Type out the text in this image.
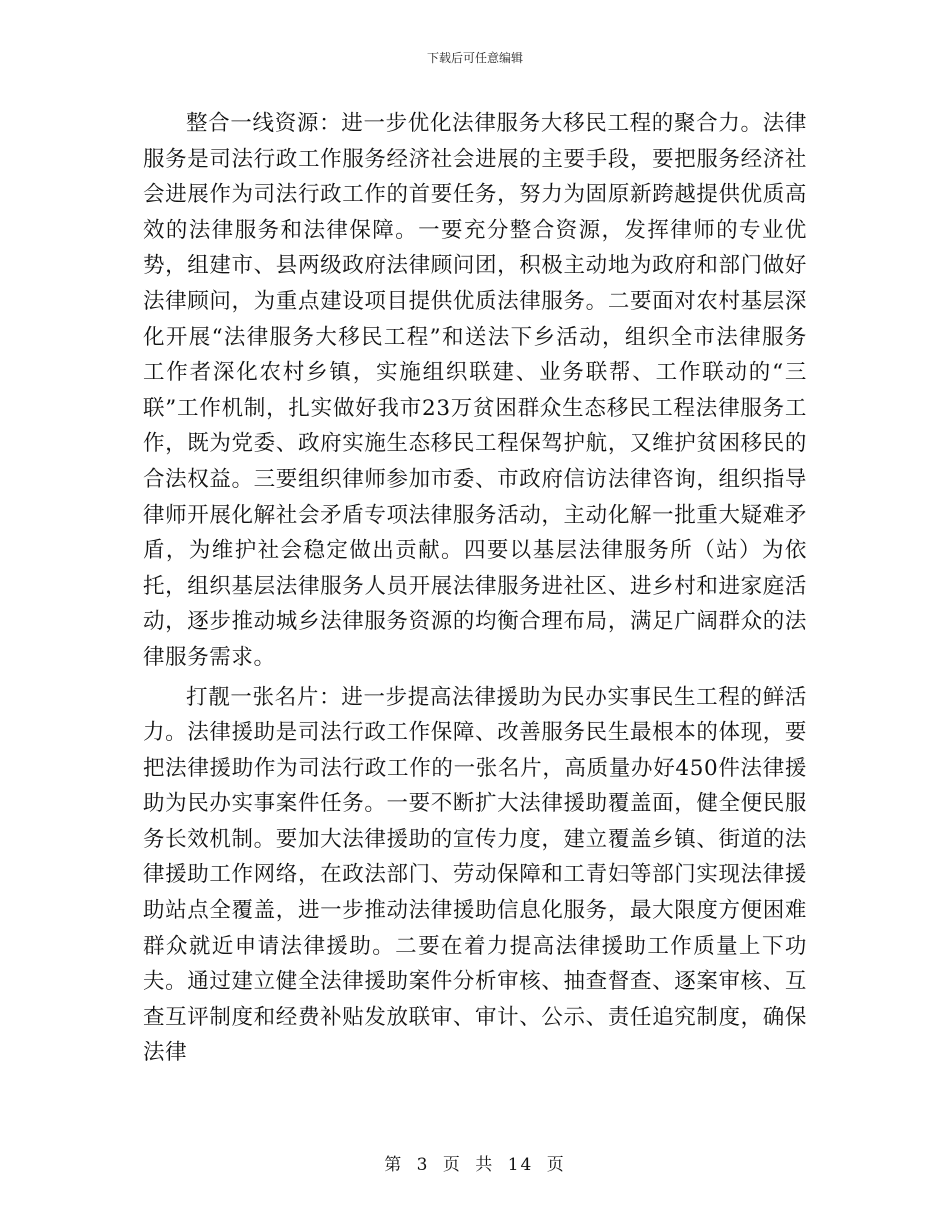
下载后可任意编辑

整合一线资源：进一步优化法律服务大移民工程的聚合力。法律服务是司法行政工作服务经济社会进展的主要手段，要把服务经济社会进展作为司法行政工作的首要任务，努力为固原新跨越提供优质高效的法律服务和法律保障。一要充分整合资源，发挥律师的专业优势，组建市、县两级政府法律顾问团，积极主动地为政府和部门做好法律顾问，为重点建设项目提供优质法律服务。二要面对农村基层深化开展“法律服务大移民工程”和送法下乡活动，组织全市法律服务工作者深化农村乡镇，实施组织联建、业务联帮、工作联动的“三联”工作机制，扎实做好我市23万贫困群众生态移民工程法律服务工作，既为党委、政府实施生态移民工程保驾护航，又维护贫困移民的合法权益。三要组织律师参加市委、市政府信访法律咨询，组织指导律师开展化解社会矛盾专项法律服务活动，主动化解一批重大疑难矛盾，为维护社会稳定做出贡献。四要以基层法律服务所（站）为依托，组织基层法律服务人员开展法律服务进社区、进乡村和进家庭活动，逐步推动城乡法律服务资源的均衡合理布局，满足广阔群众的法律服务需求。

打靓一张名片：进一步提高法律援助为民办实事民生工程的鲜活力。法律援助是司法行政工作保障、改善服务民生最根本的体现，要把法律援助作为司法行政工作的一张名片，高质量办好450件法律援助为民办实事案件任务。一要不断扩大法律援助覆盖面，健全便民服务长效机制。要加大法律援助的宣传力度，建立覆盖乡镇、街道的法律援助工作网络，在政法部门、劳动保障和工青妇等部门实现法律援助站点全覆盖，进一步推动法律援助信息化服务，最大限度方便困难群众就近申请法律援助。二要在着力提高法律援助工作质量上下功夫。通过建立健全法律援助案件分析审核、抽查督查、逐案审核、互查互评制度和经费补贴发放联审、审计、公示、责任追究制度，确保法律

第 3 页 共 14 页
